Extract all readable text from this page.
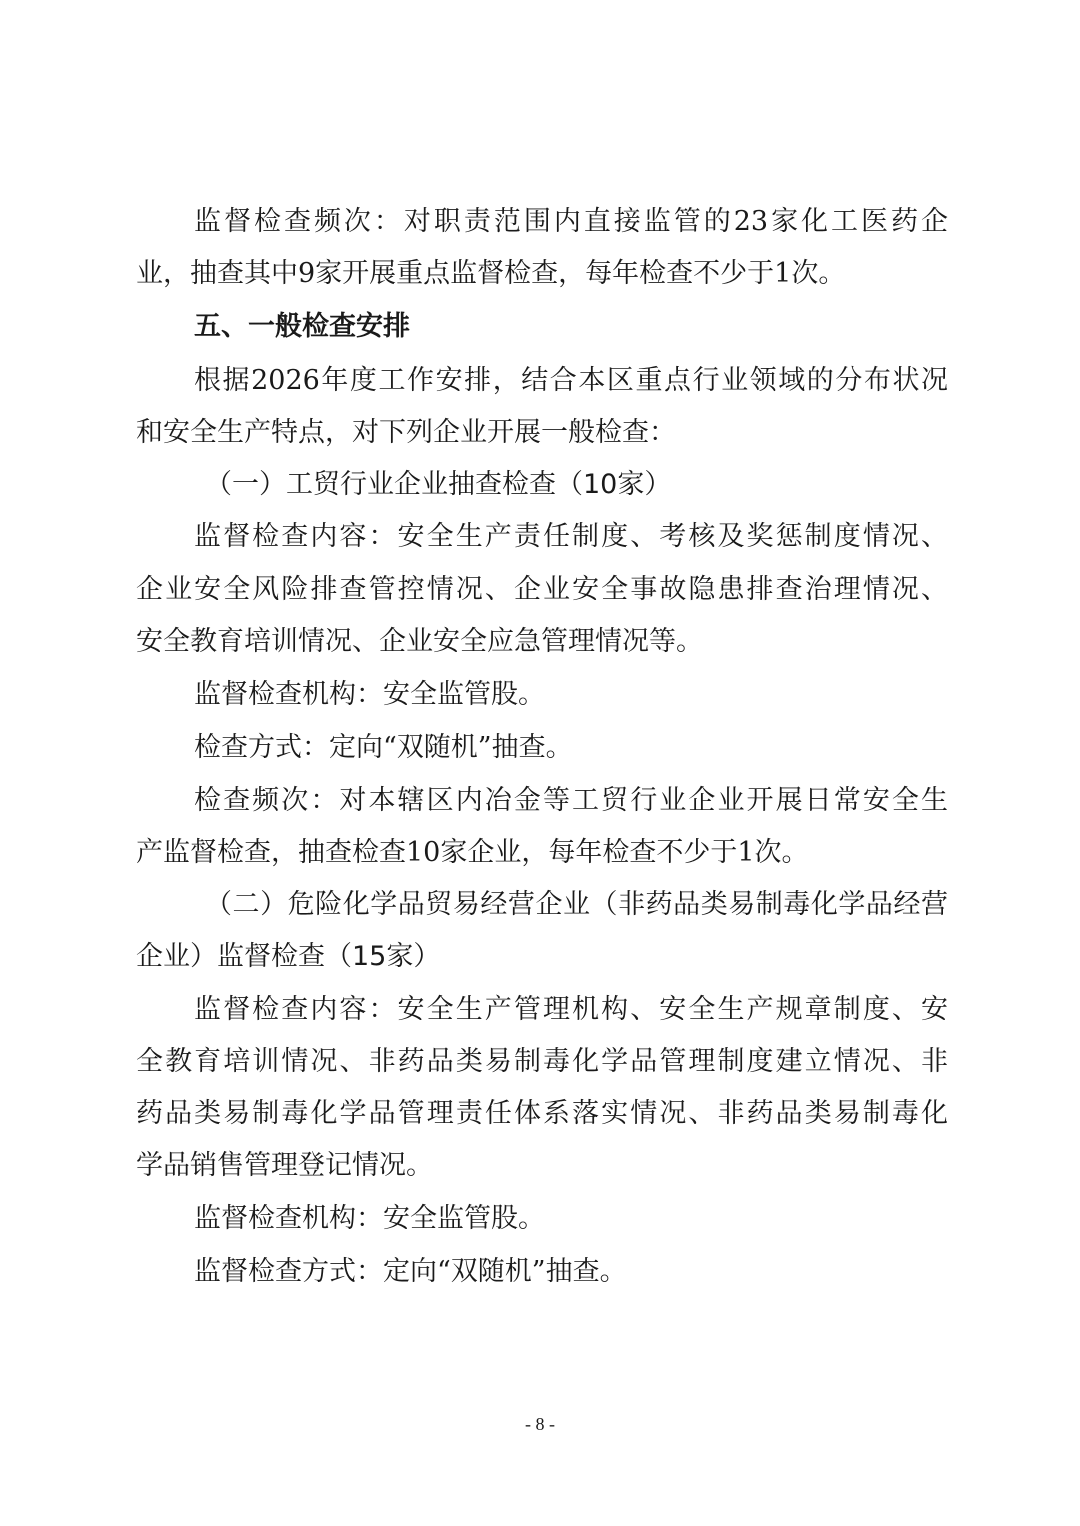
监督检查频次：对职责范围内直接监管的23家化工医药企
业，抽查其中9家开展重点监督检查，每年检查不少于1次。
五、一般检查安排
根据2026年度工作安排，结合本区重点行业领域的分布状况
和安全生产特点，对下列企业开展一般检查：
（一）工贸行业企业抽查检查（10家）
监督检查内容：安全生产责任制度、考核及奖惩制度情况、
企业安全风险排查管控情况、企业安全事故隐患排查治理情况、
安全教育培训情况、企业安全应急管理情况等。
监督检查机构：安全监管股。
检查方式：定向“双随机”抽查。
检查频次：对本辖区内冶金等工贸行业企业开展日常安全生
产监督检查，抽查检查10家企业，每年检查不少于1次。
（二）危险化学品贸易经营企业（非药品类易制毒化学品经营
企业）监督检查（15家）
监督检查内容：安全生产管理机构、安全生产规章制度、安
全教育培训情况、非药品类易制毒化学品管理制度建立情况、非
药品类易制毒化学品管理责任体系落实情况、非药品类易制毒化
学品销售管理登记情况。
监督检查机构：安全监管股。
监督检查方式：定向“双随机”抽查。
- 8 -
